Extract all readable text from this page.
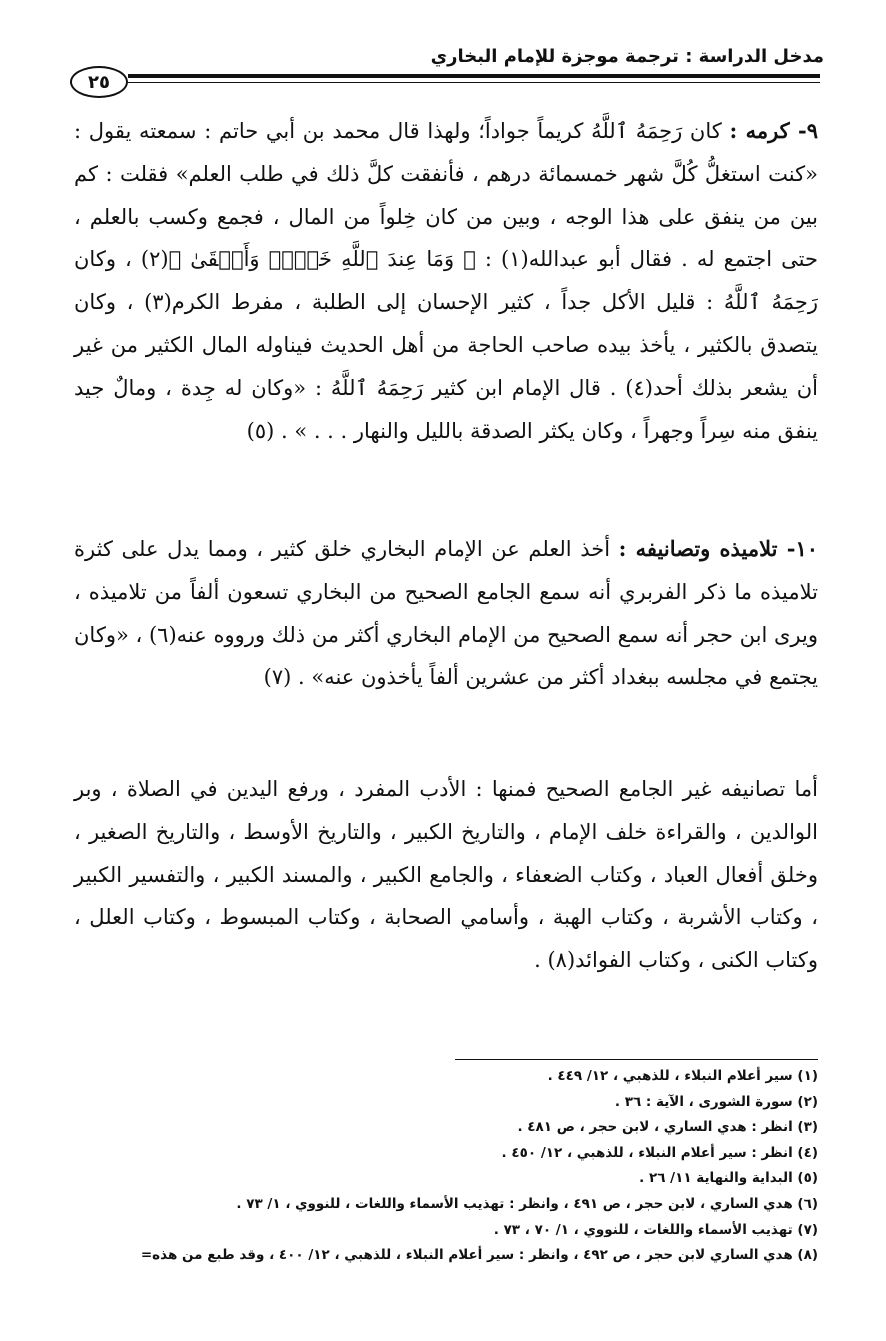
مدخل الدراسة : ترجمة موجزة للإمام البخاري
٢٥

٩- كرمه : كان رَحِمَهُ ٱللَّهُ كريماً جواداً؛ ولهذا قال محمد بن أبي حاتم : سمعته يقول : «كنت استغلُّ كُلَّ شهر خمسمائة درهم ، فأنفقت كلَّ ذلك في طلب العلم» فقلت : كم بين من ينفق على هذا الوجه ، وبين من كان خِلواً من المال ، فجمع وكسب بالعلم ، حتى اجتمع له . فقال أبو عبدالله(١) : ﴿ وَمَا عِندَ ٱللَّهِ خَيۡرٞ وَأَبۡقَىٰ ﴾(٢) ، وكان رَحِمَهُ ٱللَّهُ : قليل الأكل جداً ، كثير الإحسان إلى الطلبة ، مفرط الكرم(٣) ، وكان يتصدق بالكثير ، يأخذ بيده صاحب الحاجة من أهل الحديث فيناوله المال الكثير من غير أن يشعر بذلك أحد(٤) . قال الإمام ابن كثير رَحِمَهُ ٱللَّهُ : «وكان له جِدة ، ومالٌ جيد ينفق منه سِراً وجهراً ، وكان يكثر الصدقة بالليل والنهار . . . » . (٥)

١٠- تلاميذه وتصانيفه : أخذ العلم عن الإمام البخاري خلق كثير ، ومما يدل على كثرة تلاميذه ما ذكر الفربري أنه سمع الجامع الصحيح من البخاري تسعون ألفاً من تلاميذه ، ويرى ابن حجر أنه سمع الصحيح من الإمام البخاري أكثر من ذلك ورووه عنه(٦) ، «وكان يجتمع في مجلسه ببغداد أكثر من عشرين ألفاً يأخذون عنه» . (٧)

أما تصانيفه غير الجامع الصحيح فمنها : الأدب المفرد ، ورفع اليدين في الصلاة ، وبر الوالدين ، والقراءة خلف الإمام ، والتاريخ الكبير ، والتاريخ الأوسط ، والتاريخ الصغير ، وخلق أفعال العباد ، وكتاب الضعفاء ، والجامع الكبير ، والمسند الكبير ، والتفسير الكبير ، وكتاب الأشربة ، وكتاب الهبة ، وأسامي الصحابة ، وكتاب المبسوط ، وكتاب العلل ، وكتاب الكنى ، وكتاب الفوائد(٨) .

(١) سير أعلام النبلاء ، للذهبي ، ١٢/ ٤٤٩ .
(٢) سورة الشورى ، الآية : ٣٦ .
(٣) انظر : هدي الساري ، لابن حجر ، ص ٤٨١ .
(٤) انظر : سير أعلام النبلاء ، للذهبي ، ١٢/ ٤٥٠ .
(٥) البداية والنهاية ١١/ ٢٦ .
(٦) هدي الساري ، لابن حجر ، ص ٤٩١ ، وانظر : تهذيب الأسماء واللغات ، للنووي ، ١/ ٧٣ .
(٧) تهذيب الأسماء واللغات ، للنووي ، ١/ ٧٠ ، ٧٣ .
(٨) هدي الساري لابن حجر ، ص ٤٩٢ ، وانظر : سير أعلام النبلاء ، للذهبي ، ١٢/ ٤٠٠ ، وقد طبع من هذه=
